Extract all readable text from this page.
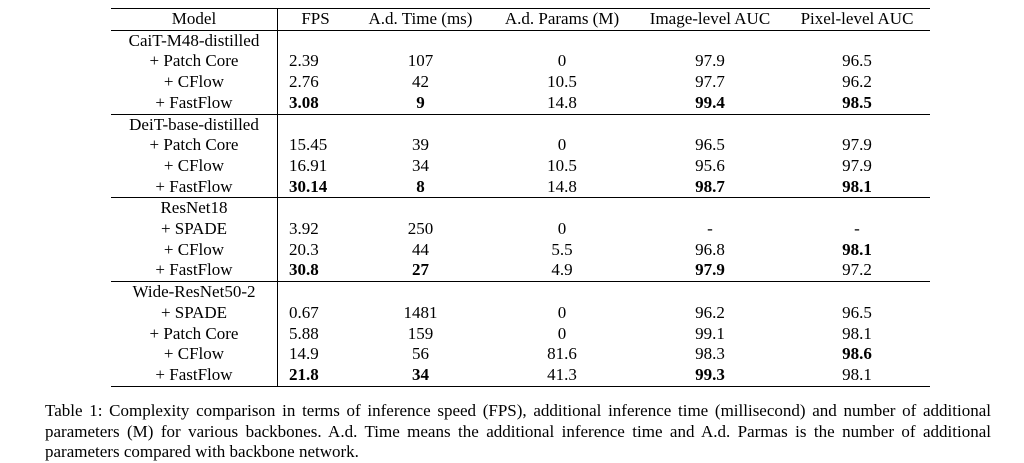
Model	FPS	A.d. Time (ms)	A.d. Params (M)	Image-level AUC	Pixel-level AUC
CaiT-M48-distilled					
+ Patch Core	2.39	107	0	97.9	96.5
+ CFlow	2.76	42	10.5	97.7	96.2
+ FastFlow	3.08	9	14.8	99.4	98.5
DeiT-base-distilled					
+ Patch Core	15.45	39	0	96.5	97.9
+ CFlow	16.91	34	10.5	95.6	97.9
+ FastFlow	30.14	8	14.8	98.7	98.1
ResNet18					
+ SPADE	3.92	250	0	-	-
+ CFlow	20.3	44	5.5	96.8	98.1
+ FastFlow	30.8	27	4.9	97.9	97.2
Wide-ResNet50-2					
+ SPADE	0.67	1481	0	96.2	96.5
+ Patch Core	5.88	159	0	99.1	98.1
+ CFlow	14.9	56	81.6	98.3	98.6
+ FastFlow	21.8	34	41.3	99.3	98.1

Table 1: Complexity comparison in terms of inference speed (FPS), additional inference time (millisecond) and number of additional parameters (M) for various backbones. A.d. Time means the additional inference time and A.d. Parmas is the number of additional parameters compared with backbone network.
